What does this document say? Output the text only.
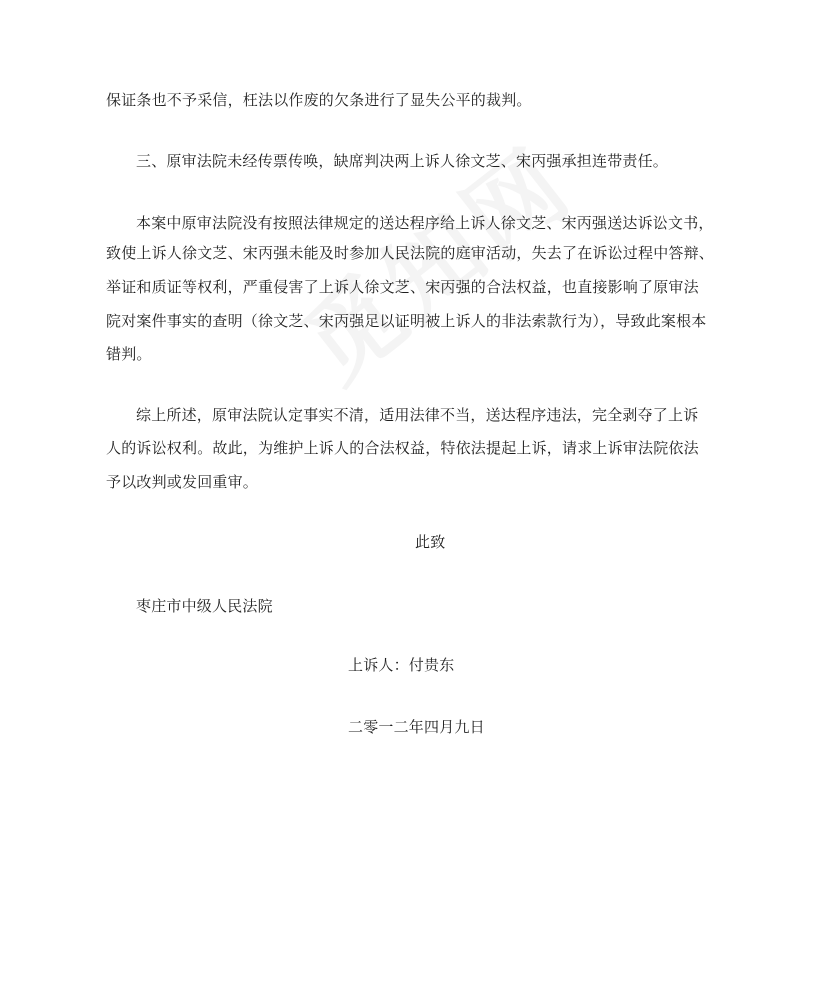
保证条也不予采信，枉法以作废的欠条进行了显失公平的裁判。
三、原审法院未经传票传唤，缺席判决两上诉人徐文芝、宋丙强承担连带责任。
本案中原审法院没有按照法律规定的送达程序给上诉人徐文芝、宋丙强送达诉讼文书，
致使上诉人徐文芝、宋丙强未能及时参加人民法院的庭审活动，失去了在诉讼过程中答辩、
举证和质证等权利，严重侵害了上诉人徐文芝、宋丙强的合法权益，也直接影响了原审法
院对案件事实的查明（徐文芝、宋丙强足以证明被上诉人的非法索款行为），导致此案根本
错判。
综上所述，原审法院认定事实不清，适用法律不当，送达程序违法，完全剥夺了上诉
人的诉讼权利。故此，为维护上诉人的合法权益，特依法提起上诉，请求上诉审法院依法
予以改判或发回重审。
此致
枣庄市中级人民法院
上诉人：付贵东
二零一二年四月九日
